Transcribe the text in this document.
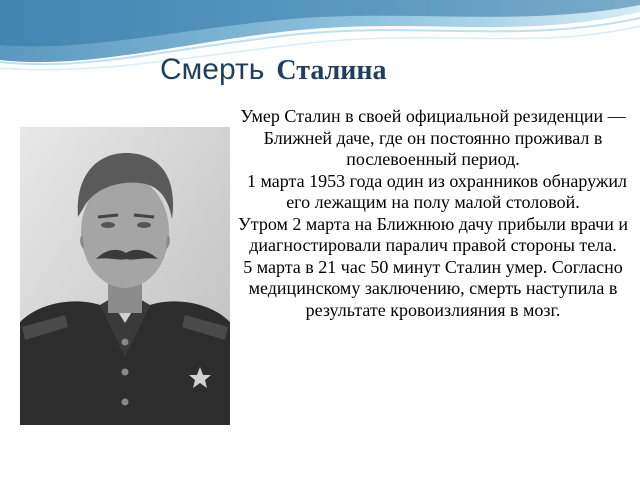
Смерть Сталина

Умер Сталин в своей официальной резиденции — Ближней даче, где он постоянно проживал в послевоенный период.

1 марта 1953 года один из охранников обнаружил его лежащим на полу малой столовой.

Утром 2 марта на Ближнюю дачу прибыли врачи и диагностировали паралич правой стороны тела.

5 марта в 21 час 50 минут Сталин умер. Согласно медицинскому заключению, смерть наступила в результате кровоизлияния в мозг.
